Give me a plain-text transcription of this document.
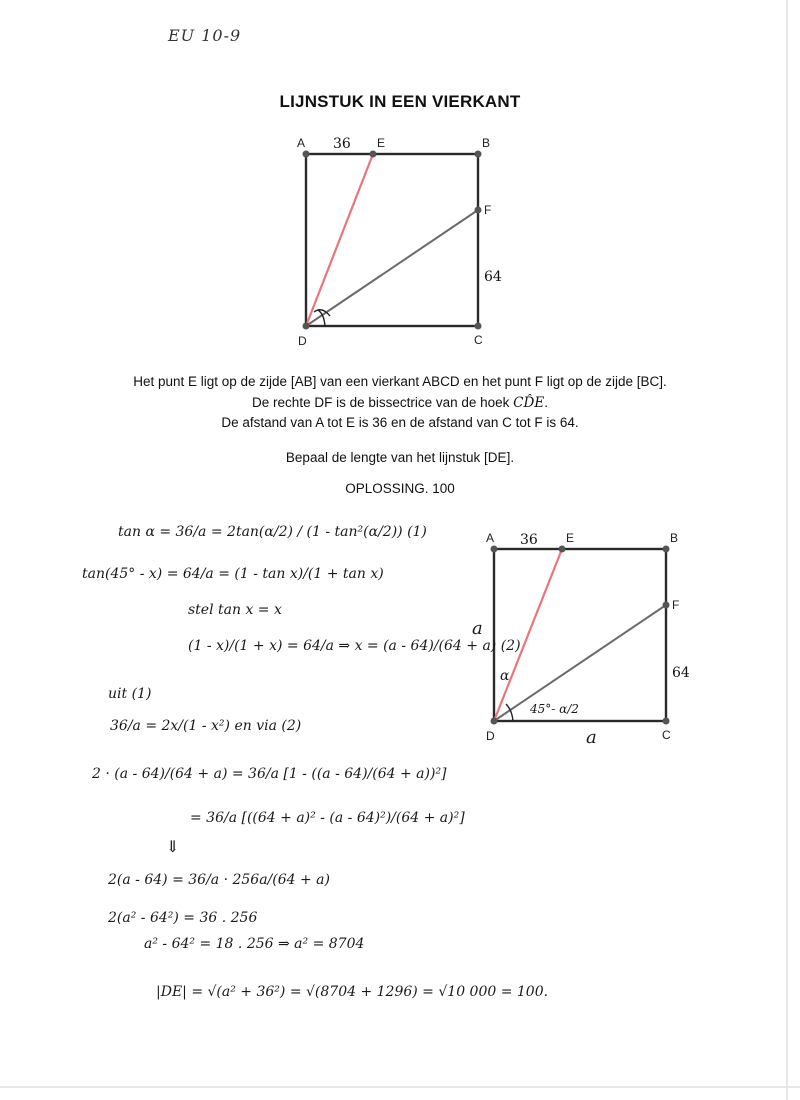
EU 10-9
LIJNSTUK IN EEN VIERKANT
A	E	B
F
D	C
36
64
Het punt E ligt op de zijde [AB] van een vierkant ABCD en het punt F ligt op de zijde [BC].
De rechte DF is de bissectrice van de hoek CD̂E.
De afstand van A tot E is 36 en de afstand van C tot F is 64.
Bepaal de lengte van het lijnstuk [DE].
OPLOSSING. 100
A	E	B
F
D	C
36
64
a
a
α
45°- α/2
tan α = 36/a = 2tan(α/2) / (1 - tan²(α/2)) (1)
tan(45° - x) = 64/a = (1 - tan x)/(1 + tan x)
stel tan x = x
(1 - x)/(1 + x) = 64/a ⇒ x = (a - 64)/(64 + a) (2)
uit (1)
36/a = 2x/(1 - x²) en via (2)
2 · (a - 64)/(64 + a) = 36/a [1 - ((a - 64)/(64 + a))²]
= 36/a [((64 + a)² - (a - 64)²)/(64 + a)²]
⇓
2(a - 64) = 36/a · 256a/(64 + a)
2(a² - 64²) = 36 . 256
a² - 64² = 18 . 256 ⇒ a² = 8704
|DE| = √(a² + 36²) = √(8704 + 1296) = √10 000 = 100.
